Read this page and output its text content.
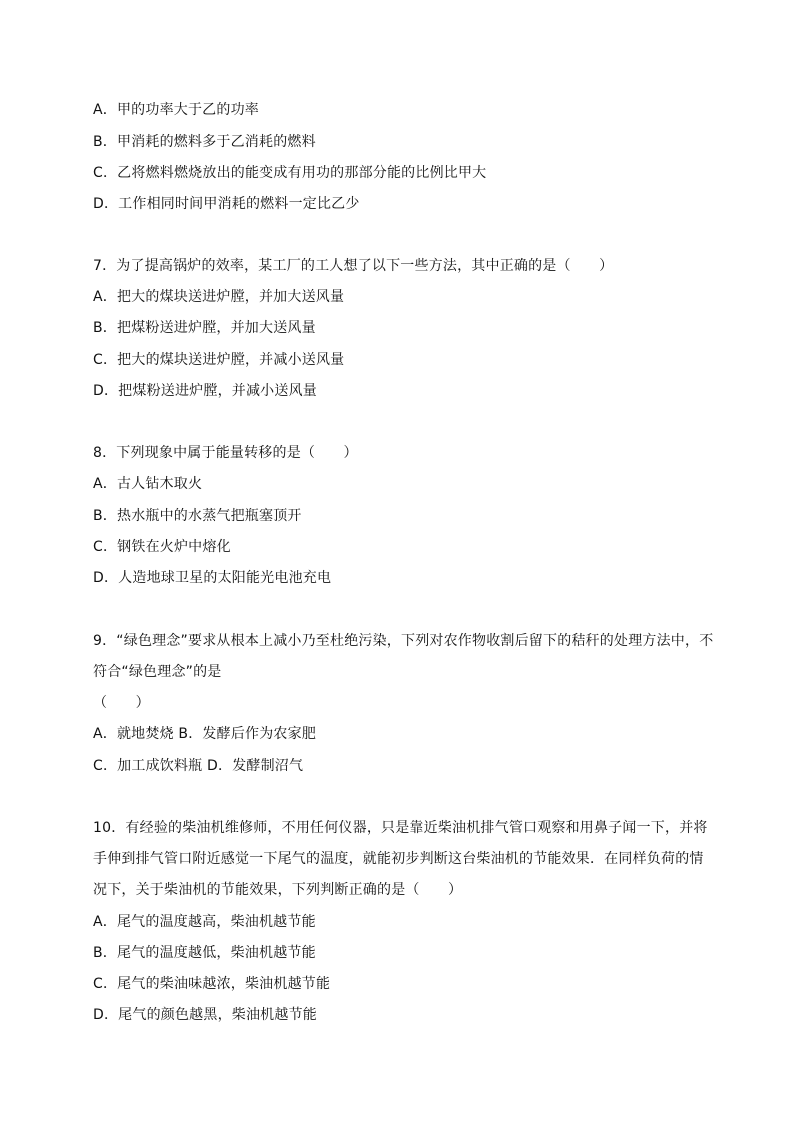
A．甲的功率大于乙的功率
B．甲消耗的燃料多于乙消耗的燃料
C．乙将燃料燃烧放出的能变成有用功的那部分能的比例比甲大
D．工作相同时间甲消耗的燃料一定比乙少
7．为了提高锅炉的效率，某工厂的工人想了以下一些方法，其中正确的是（　　）
A．把大的煤块送进炉膛，并加大送风量
B．把煤粉送进炉膛，并加大送风量
C．把大的煤块送进炉膛，并减小送风量
D．把煤粉送进炉膛，并减小送风量
8．下列现象中属于能量转移的是（　　）
A．古人钻木取火
B．热水瓶中的水蒸气把瓶塞顶开
C．钢铁在火炉中熔化
D．人造地球卫星的太阳能光电池充电
9．“绿色理念”要求从根本上减小乃至杜绝污染，下列对农作物收割后留下的秸秆的处理方法中，不
符合“绿色理念”的是
（　　）
A．就地焚烧 B．发酵后作为农家肥
C．加工成饮料瓶 D．发酵制沼气
10．有经验的柴油机维修师，不用任何仪器，只是靠近柴油机排气管口观察和用鼻子闻一下，并将
手伸到排气管口附近感觉一下尾气的温度，就能初步判断这台柴油机的节能效果．在同样负荷的情
况下，关于柴油机的节能效果，下列判断正确的是（　　）
A．尾气的温度越高，柴油机越节能
B．尾气的温度越低，柴油机越节能
C．尾气的柴油味越浓，柴油机越节能
D．尾气的颜色越黑，柴油机越节能
